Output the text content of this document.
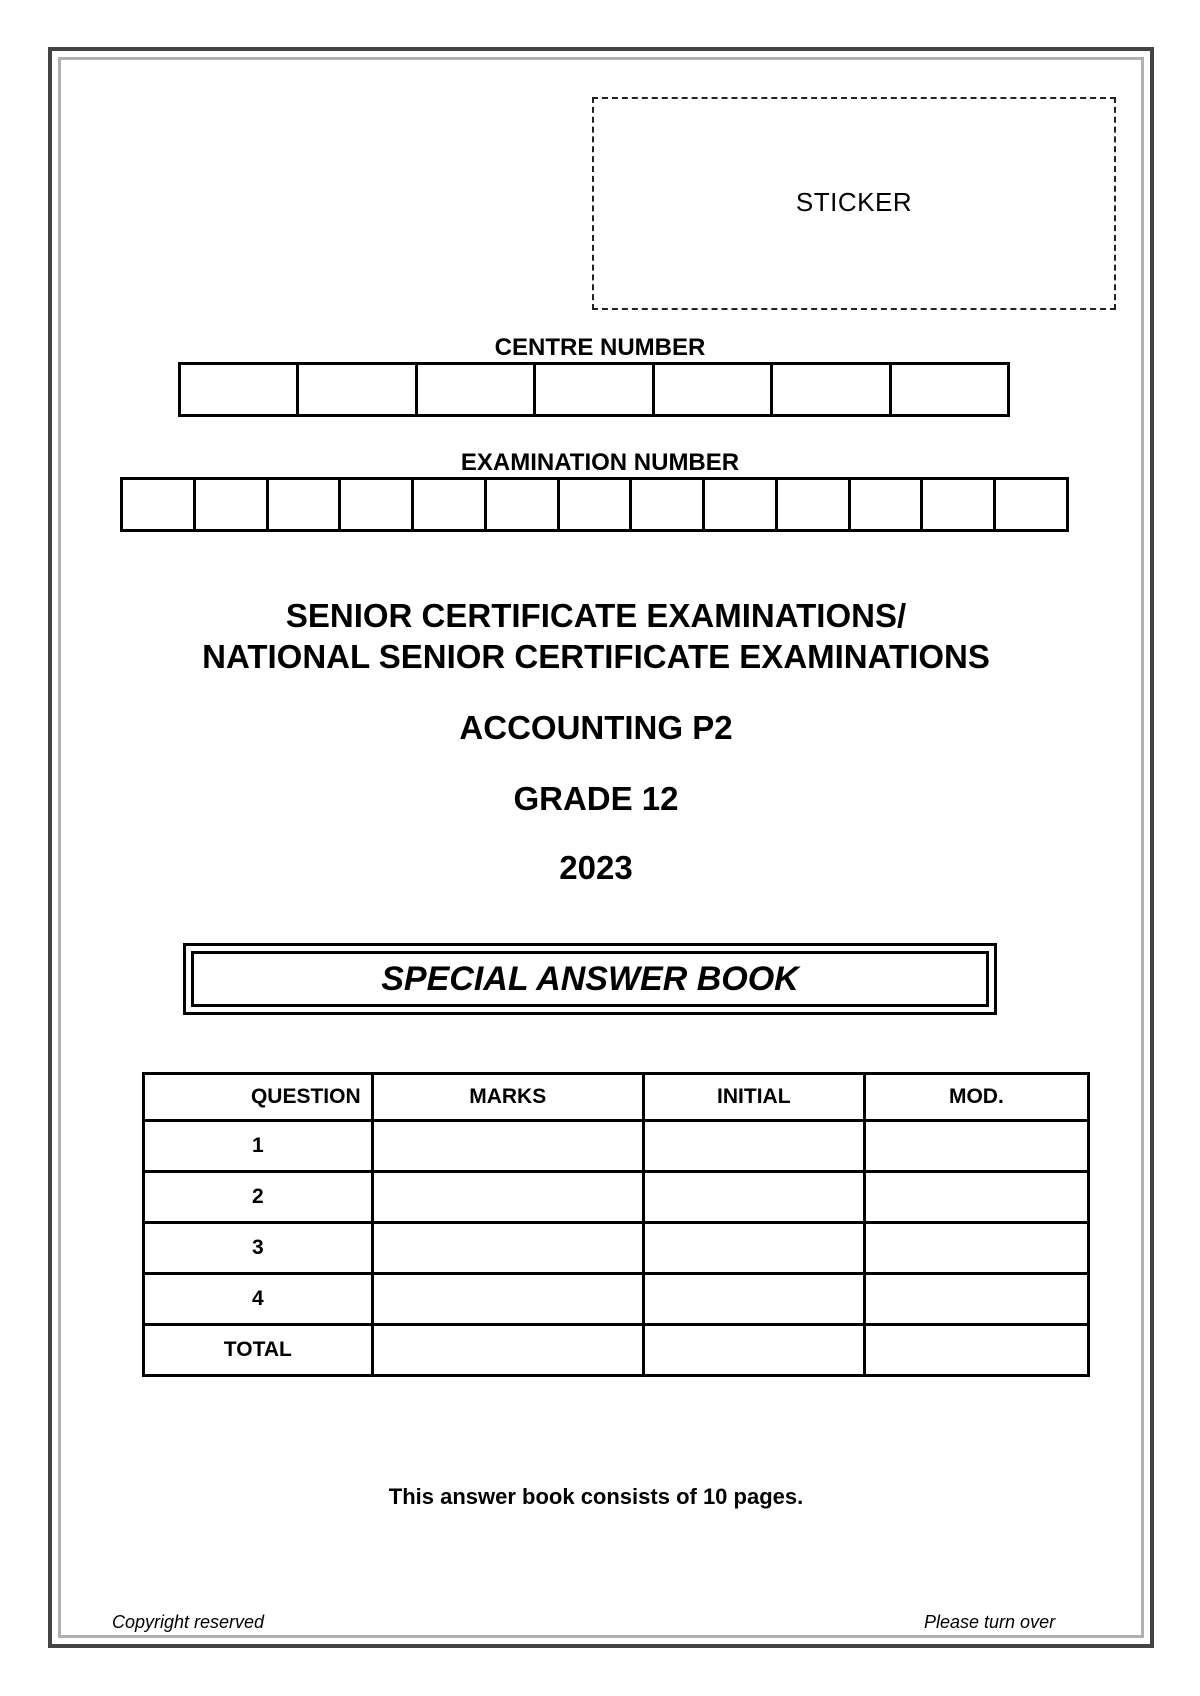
STICKER
CENTRE NUMBER
EXAMINATION NUMBER
SENIOR CERTIFICATE EXAMINATIONS/
NATIONAL SENIOR CERTIFICATE EXAMINATIONS
ACCOUNTING P2
GRADE 12
2023
SPECIAL ANSWER BOOK
QUESTION	MARKS	INITIAL	MOD.
1			
2			
3			
4			
TOTAL			
This answer book consists of 10 pages.
Copyright reserved	Please turn over
